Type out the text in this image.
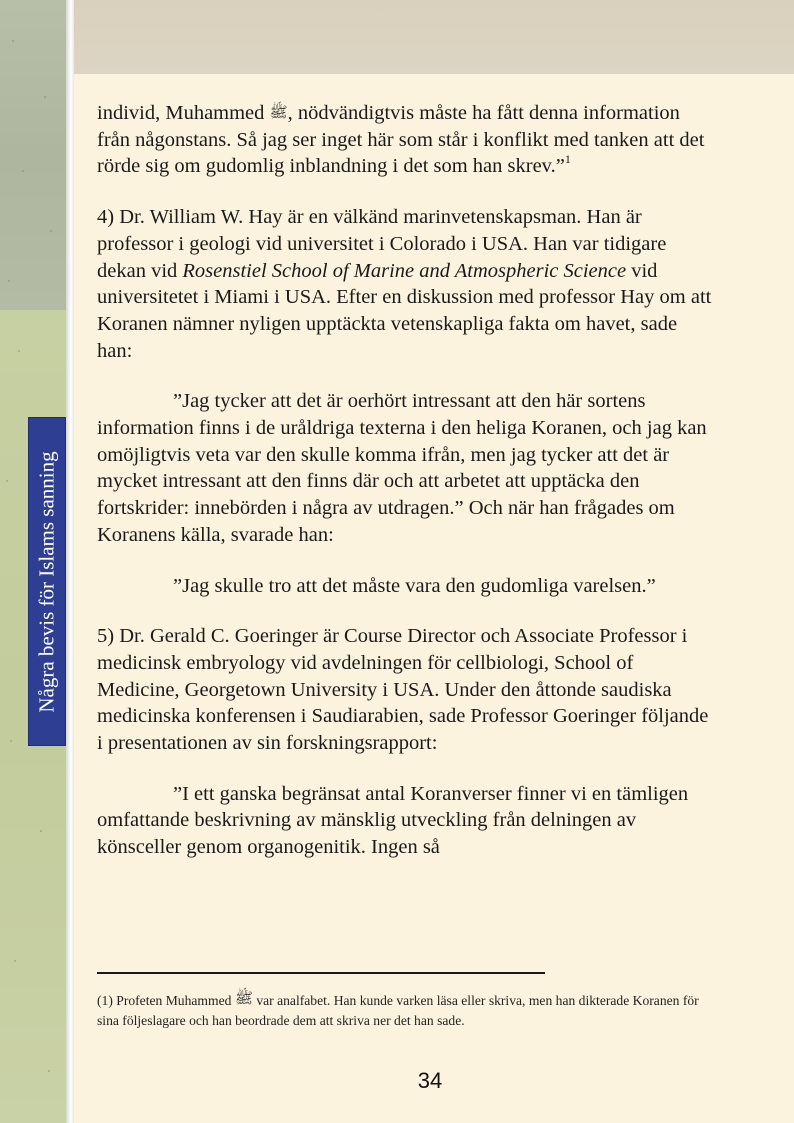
Några bevis för Islams sanning

individ, Muhammed ﷺ, nödvändigtvis måste ha fått denna information från någonstans. Så jag ser inget här som står i konflikt med tanken att det rörde sig om gudomlig inblandning i det som han skrev.”$^1$

4) Dr. William W. Hay är en välkänd marinvetenskapsman. Han är professor i geologi vid universitet i Colorado i USA. Han var tidigare dekan vid Rosenstiel School of Marine and Atmospheric Science vid universitetet i Miami i USA. Efter en diskussion med professor Hay om att Koranen nämner nyligen upptäckta vetenskapliga fakta om havet, sade han:

”Jag tycker att det är oerhört intressant att den här sortens information finns i de uråldriga texterna i den heliga Koranen, och jag kan omöjligtvis veta var den skulle komma ifrån, men jag tycker att det är mycket intressant att den finns där och att arbetet att upptäcka den fortskrider: innebörden i några av utdragen.” Och när han frågades om Koranens källa, svarade han:

”Jag skulle tro att det måste vara den gudomliga varelsen.”

5) Dr. Gerald C. Goeringer är Course Director och Associate Professor i medicinsk embryology vid avdelningen för cellbiologi, School of Medicine, Georgetown University i USA. Under den åttonde saudiska medicinska konferensen i Saudiarabien, sade Professor Goeringer följande i presentationen av sin forskningsrapport:

”I ett ganska begränsat antal Koranverser finner vi en tämligen omfattande beskrivning av mänsklig utveckling från delningen av könsceller genom organogenitik. Ingen så

(1) Profeten Muhammed ﷺ var analfabet. Han kunde varken läsa eller skriva, men han dikterade Koranen för sina följeslagare och han beordrade dem att skriva ner det han sade.
34
